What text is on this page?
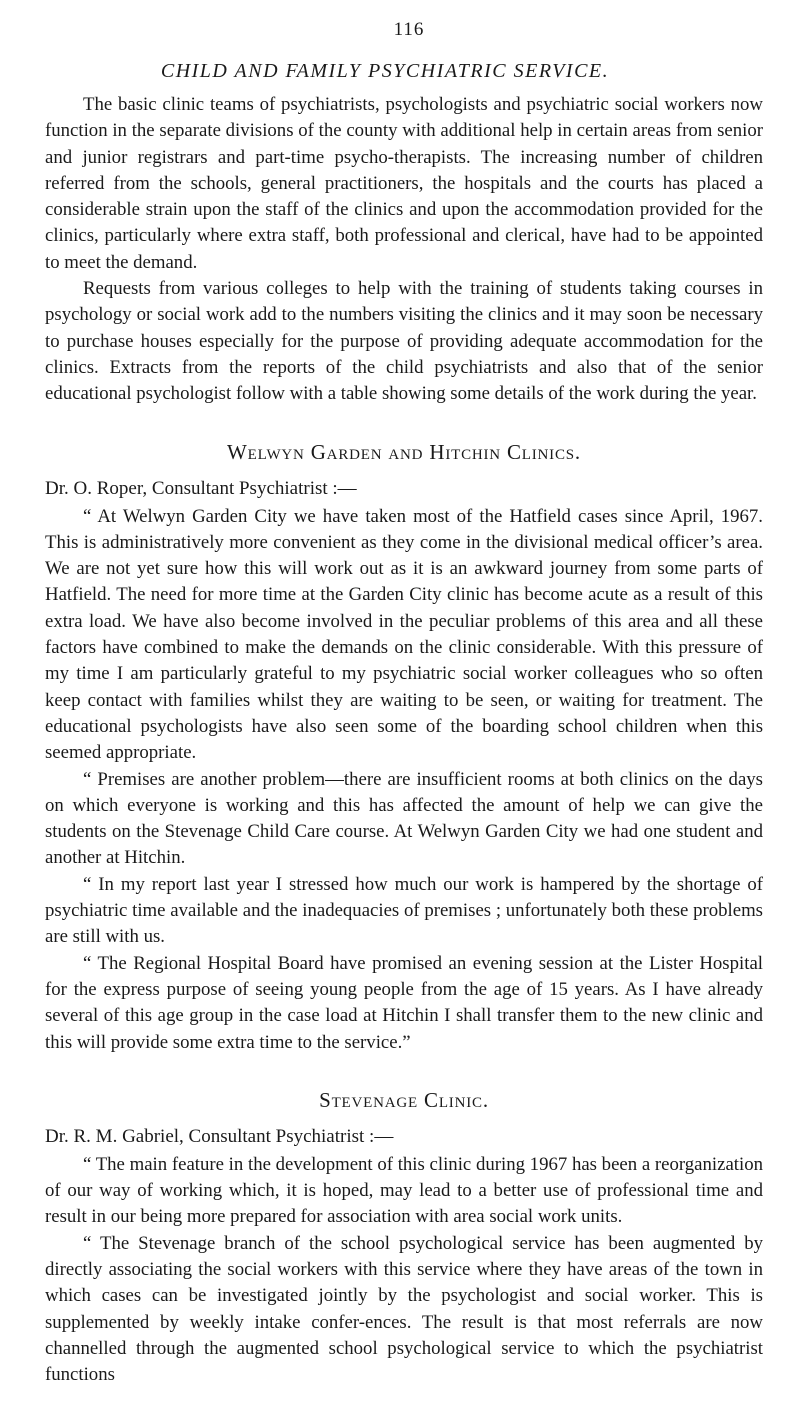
116
CHILD AND FAMILY PSYCHIATRIC SERVICE.

The basic clinic teams of psychiatrists, psychologists and psychiatric social workers now function in the separate divisions of the county with additional help in certain areas from senior and junior registrars and part-time psycho-therapists. The increasing number of children referred from the schools, general practitioners, the hospitals and the courts has placed a considerable strain upon the staff of the clinics and upon the accommodation provided for the clinics, particularly where extra staff, both professional and clerical, have had to be appointed to meet the demand.

Requests from various colleges to help with the training of students taking courses in psychology or social work add to the numbers visiting the clinics and it may soon be necessary to purchase houses especially for the purpose of providing adequate accommodation for the clinics. Extracts from the reports of the child psychiatrists and also that of the senior educational psychologist follow with a table showing some details of the work during the year.

Welwyn Garden and Hitchin Clinics.
Dr. O. Roper, Consultant Psychiatrist :—

“ At Welwyn Garden City we have taken most of the Hatfield cases since April, 1967. This is administratively more convenient as they come in the divisional medical officer’s area. We are not yet sure how this will work out as it is an awkward journey from some parts of Hatfield. The need for more time at the Garden City clinic has become acute as a result of this extra load. We have also become involved in the peculiar problems of this area and all these factors have combined to make the demands on the clinic considerable. With this pressure of my time I am particularly grateful to my psychiatric social worker colleagues who so often keep contact with families whilst they are waiting to be seen, or waiting for treatment. The educational psychologists have also seen some of the boarding school children when this seemed appropriate.

“ Premises are another problem—there are insufficient rooms at both clinics on the days on which everyone is working and this has affected the amount of help we can give the students on the Stevenage Child Care course. At Welwyn Garden City we had one student and another at Hitchin.

“ In my report last year I stressed how much our work is hampered by the shortage of psychiatric time available and the inadequacies of premises ; unfortunately both these problems are still with us.

“ The Regional Hospital Board have promised an evening session at the Lister Hospital for the express purpose of seeing young people from the age of 15 years. As I have already several of this age group in the case load at Hitchin I shall transfer them to the new clinic and this will provide some extra time to the service.”

Stevenage Clinic.
Dr. R. M. Gabriel, Consultant Psychiatrist :—

“ The main feature in the development of this clinic during 1967 has been a reorganization of our way of working which, it is hoped, may lead to a better use of professional time and result in our being more prepared for association with area social work units.

“ The Stevenage branch of the school psychological service has been augmented by directly associating the social workers with this service where they have areas of the town in which cases can be investigated jointly by the psychologist and social worker. This is supplemented by weekly intake confer-ences. The result is that most referrals are now channelled through the augmented school psychological service to which the psychiatrist functions
